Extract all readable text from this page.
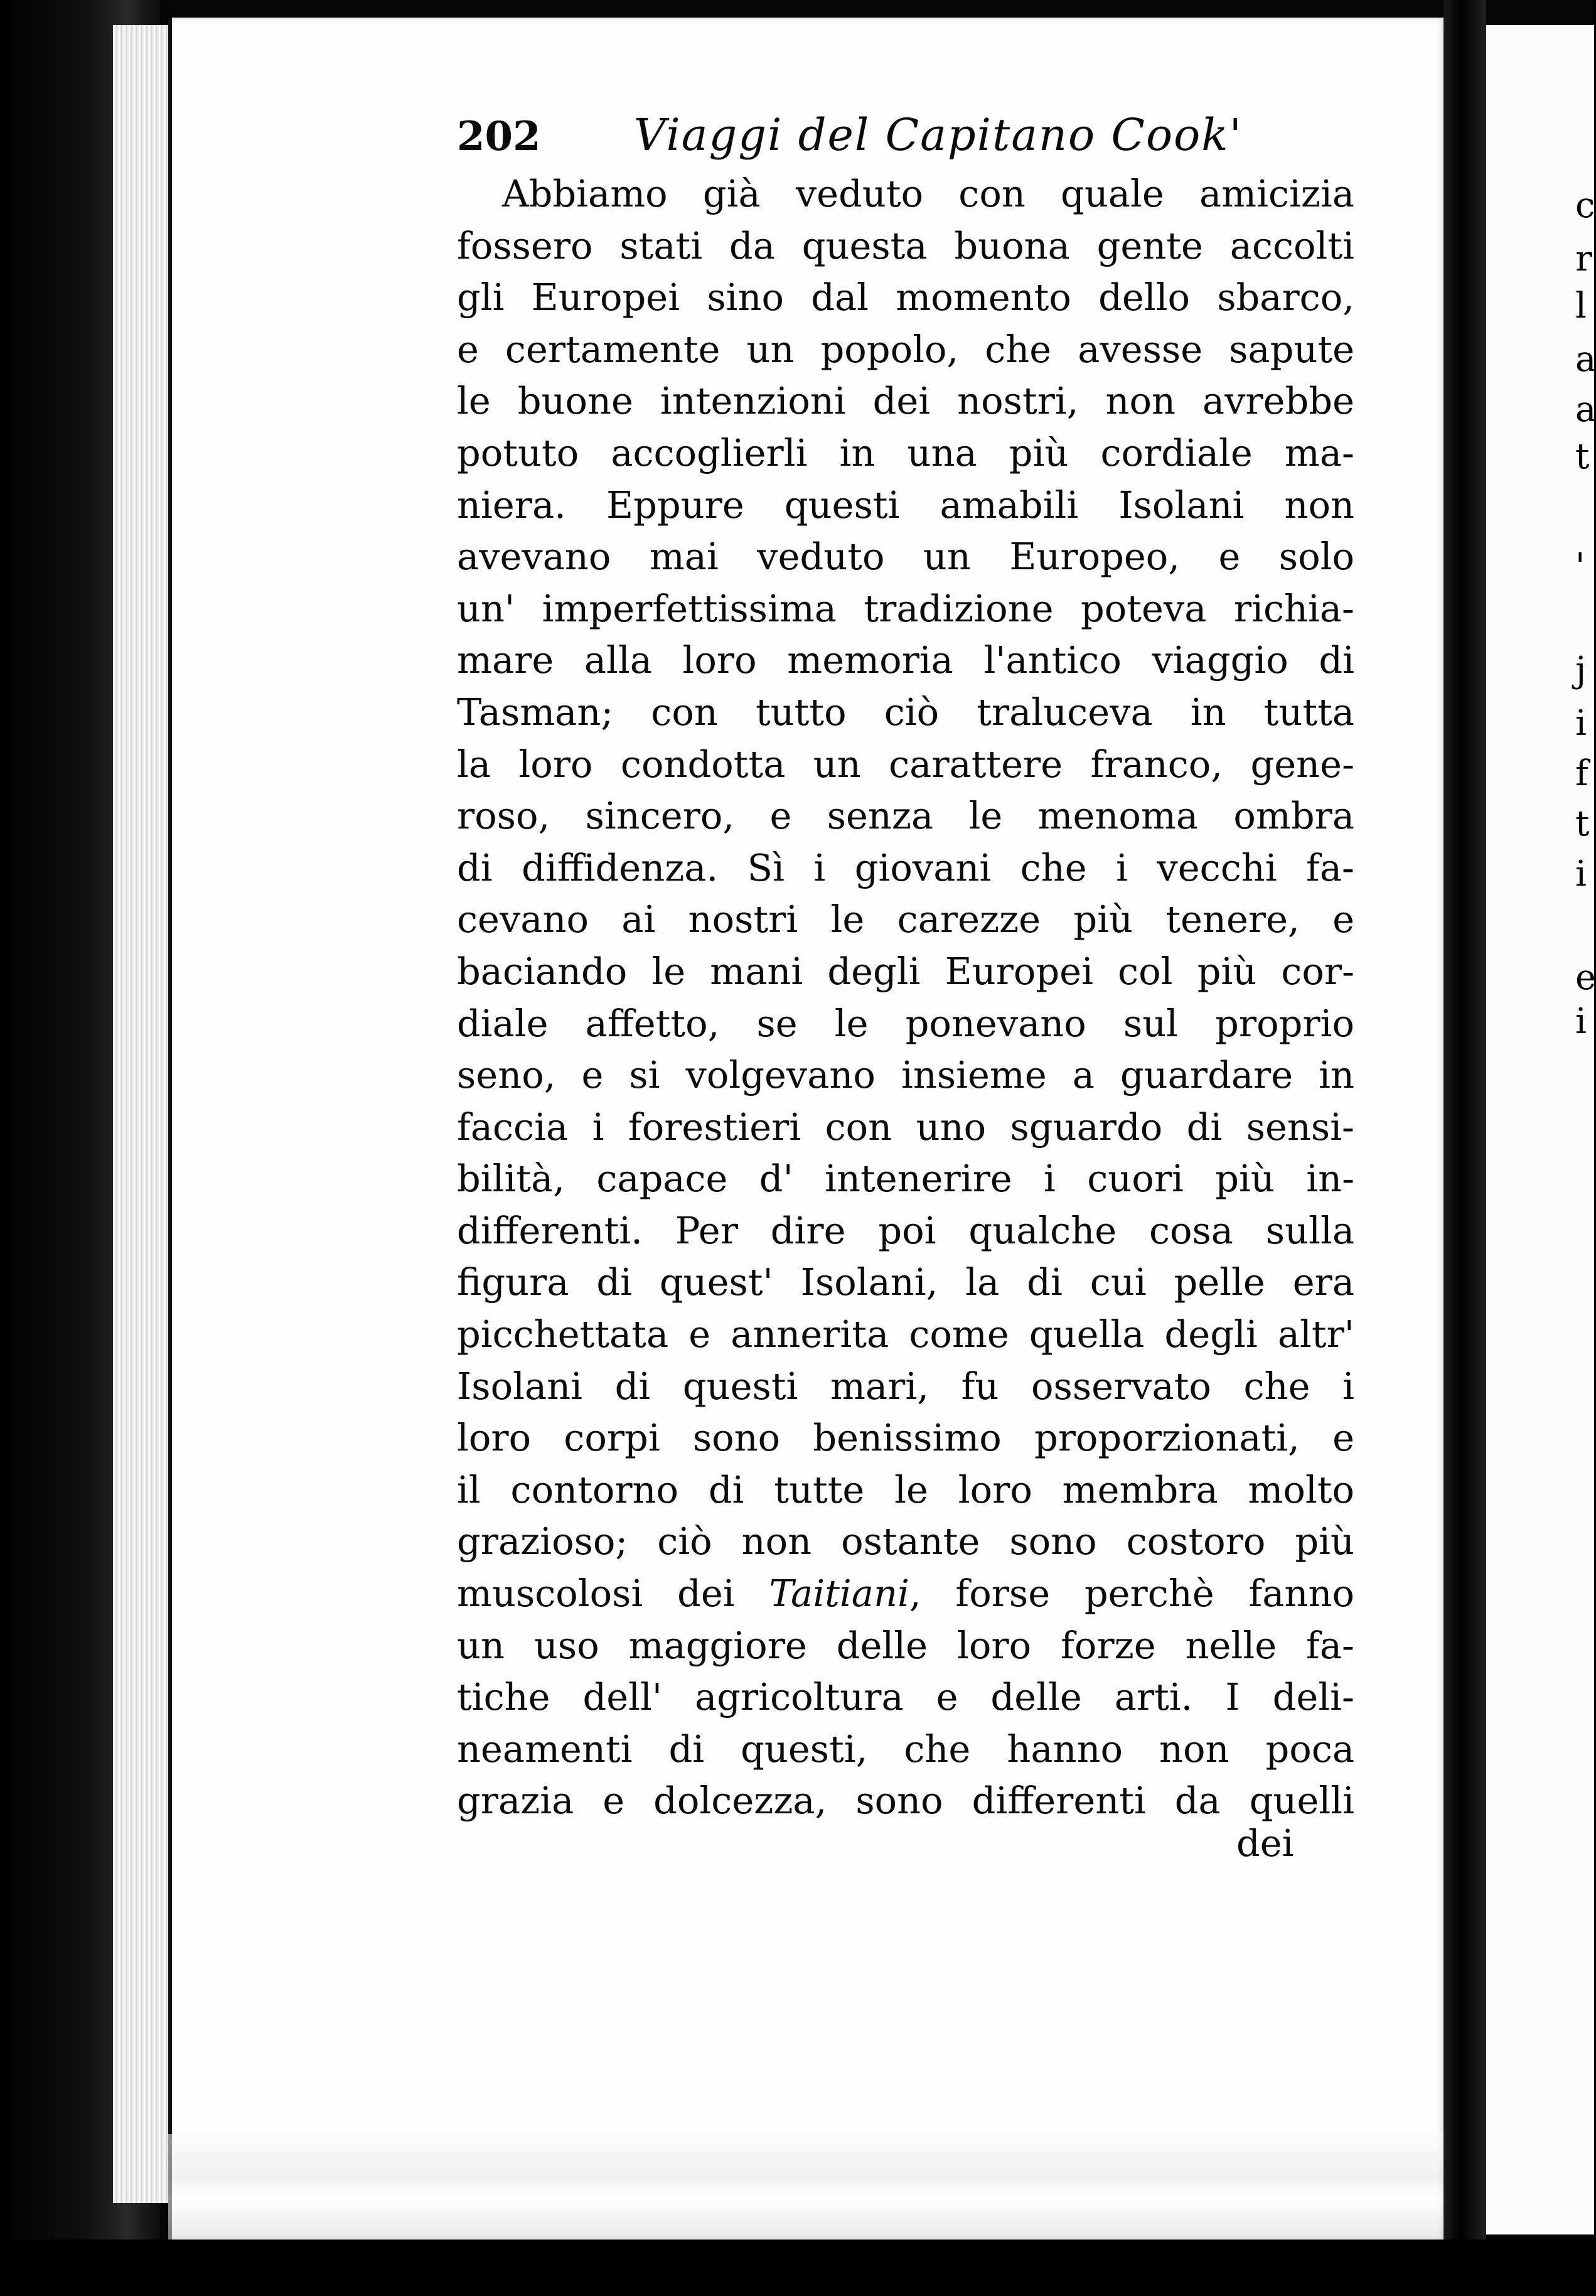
c
r
l
a
a
t
'
j
i
f
t
i
e
i
202 Viaggi del Capitano Cook'
Abbiamo già veduto con quale amicizia
fossero stati da questa buona gente accolti
gli Europei sino dal momento dello sbarco,
e certamente un popolo, che avesse sapute
le buone intenzioni dei nostri, non avrebbe
potuto accoglierli in una più cordiale ma-
niera. Eppure questi amabili Isolani non
avevano mai veduto un Europeo, e solo
un' imperfettissima tradizione poteva richia-
mare alla loro memoria l'antico viaggio di
Tasman; con tutto ciò traluceva in tutta
la loro condotta un carattere franco, gene-
roso, sincero, e senza le menoma ombra
di diffidenza. Sì i giovani che i vecchi fa-
cevano ai nostri le carezze più tenere, e
baciando le mani degli Europei col più cor-
diale affetto, se le ponevano sul proprio
seno, e si volgevano insieme a guardare in
faccia i forestieri con uno sguardo di sensi-
bilità, capace d' intenerire i cuori più in-
differenti. Per dire poi qualche cosa sulla
figura di quest' Isolani, la di cui pelle era
picchettata e annerita come quella degli altr'
Isolani di questi mari, fu osservato che i
loro corpi sono benissimo proporzionati, e
il contorno di tutte le loro membra molto
grazioso; ciò non ostante sono costoro più
muscolosi dei Taitiani, forse perchè fanno
un uso maggiore delle loro forze nelle fa-
tiche dell' agricoltura e delle arti. I deli-
neamenti di questi, che hanno non poca
grazia e dolcezza, sono differenti da quelli
dei
